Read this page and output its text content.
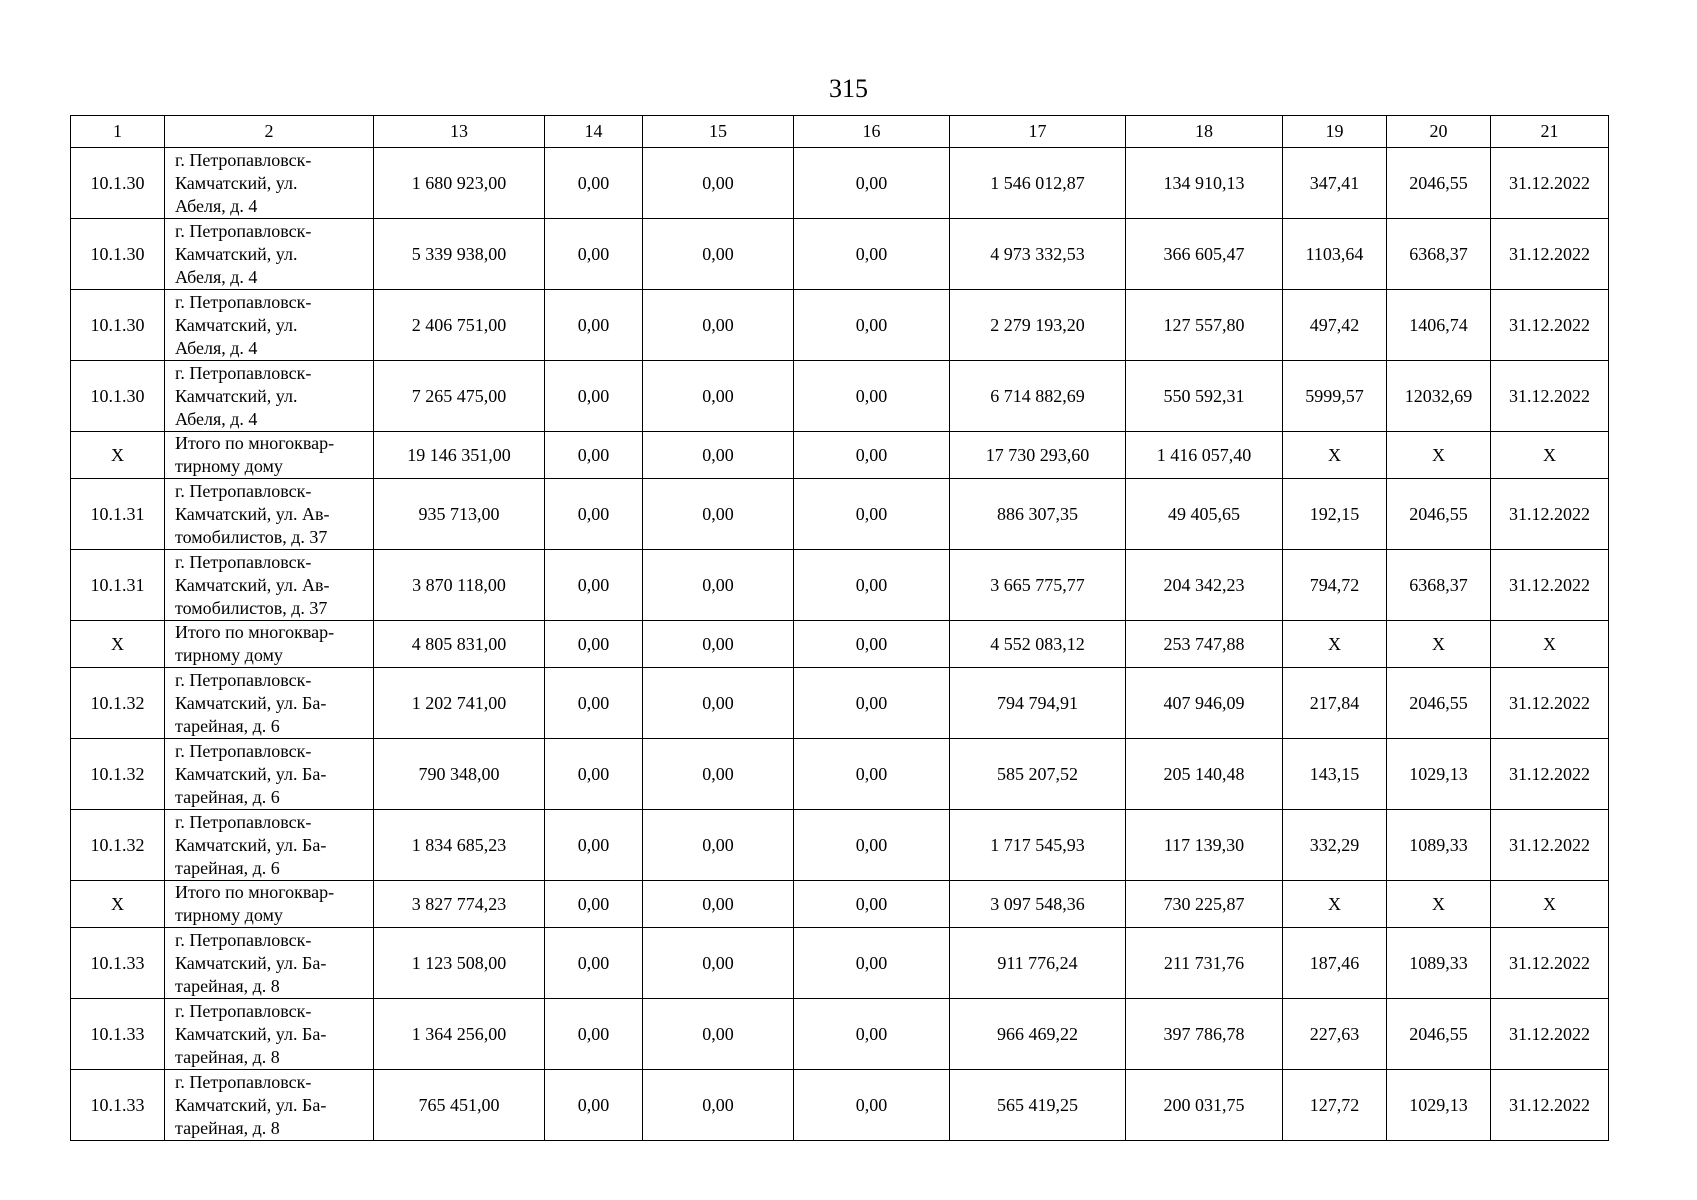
315
1	2	13	14	15	16	17	18	19	20	21
10.1.30	г. Петропавловск-
Камчатский, ул.
Абеля, д. 4	1 680 923,00	0,00	0,00	0,00	1 546 012,87	134 910,13	347,41	2046,55	31.12.2022
10.1.30	г. Петропавловск-
Камчатский, ул.
Абеля, д. 4	5 339 938,00	0,00	0,00	0,00	4 973 332,53	366 605,47	1103,64	6368,37	31.12.2022
10.1.30	г. Петропавловск-
Камчатский, ул.
Абеля, д. 4	2 406 751,00	0,00	0,00	0,00	2 279 193,20	127 557,80	497,42	1406,74	31.12.2022
10.1.30	г. Петропавловск-
Камчатский, ул.
Абеля, д. 4	7 265 475,00	0,00	0,00	0,00	6 714 882,69	550 592,31	5999,57	12032,69	31.12.2022
X	Итого по многоквар-
тирному дому	19 146 351,00	0,00	0,00	0,00	17 730 293,60	1 416 057,40	X	X	X
10.1.31	г. Петропавловск-
Камчатский, ул. Ав-
томобилистов, д. 37	935 713,00	0,00	0,00	0,00	886 307,35	49 405,65	192,15	2046,55	31.12.2022
10.1.31	г. Петропавловск-
Камчатский, ул. Ав-
томобилистов, д. 37	3 870 118,00	0,00	0,00	0,00	3 665 775,77	204 342,23	794,72	6368,37	31.12.2022
X	Итого по многоквар-
тирному дому	4 805 831,00	0,00	0,00	0,00	4 552 083,12	253 747,88	X	X	X
10.1.32	г. Петропавловск-
Камчатский, ул. Ба-
тарейная, д. 6	1 202 741,00	0,00	0,00	0,00	794 794,91	407 946,09	217,84	2046,55	31.12.2022
10.1.32	г. Петропавловск-
Камчатский, ул. Ба-
тарейная, д. 6	790 348,00	0,00	0,00	0,00	585 207,52	205 140,48	143,15	1029,13	31.12.2022
10.1.32	г. Петропавловск-
Камчатский, ул. Ба-
тарейная, д. 6	1 834 685,23	0,00	0,00	0,00	1 717 545,93	117 139,30	332,29	1089,33	31.12.2022
X	Итого по многоквар-
тирному дому	3 827 774,23	0,00	0,00	0,00	3 097 548,36	730 225,87	X	X	X
10.1.33	г. Петропавловск-
Камчатский, ул. Ба-
тарейная, д. 8	1 123 508,00	0,00	0,00	0,00	911 776,24	211 731,76	187,46	1089,33	31.12.2022
10.1.33	г. Петропавловск-
Камчатский, ул. Ба-
тарейная, д. 8	1 364 256,00	0,00	0,00	0,00	966 469,22	397 786,78	227,63	2046,55	31.12.2022
10.1.33	г. Петропавловск-
Камчатский, ул. Ба-
тарейная, д. 8	765 451,00	0,00	0,00	0,00	565 419,25	200 031,75	127,72	1029,13	31.12.2022
